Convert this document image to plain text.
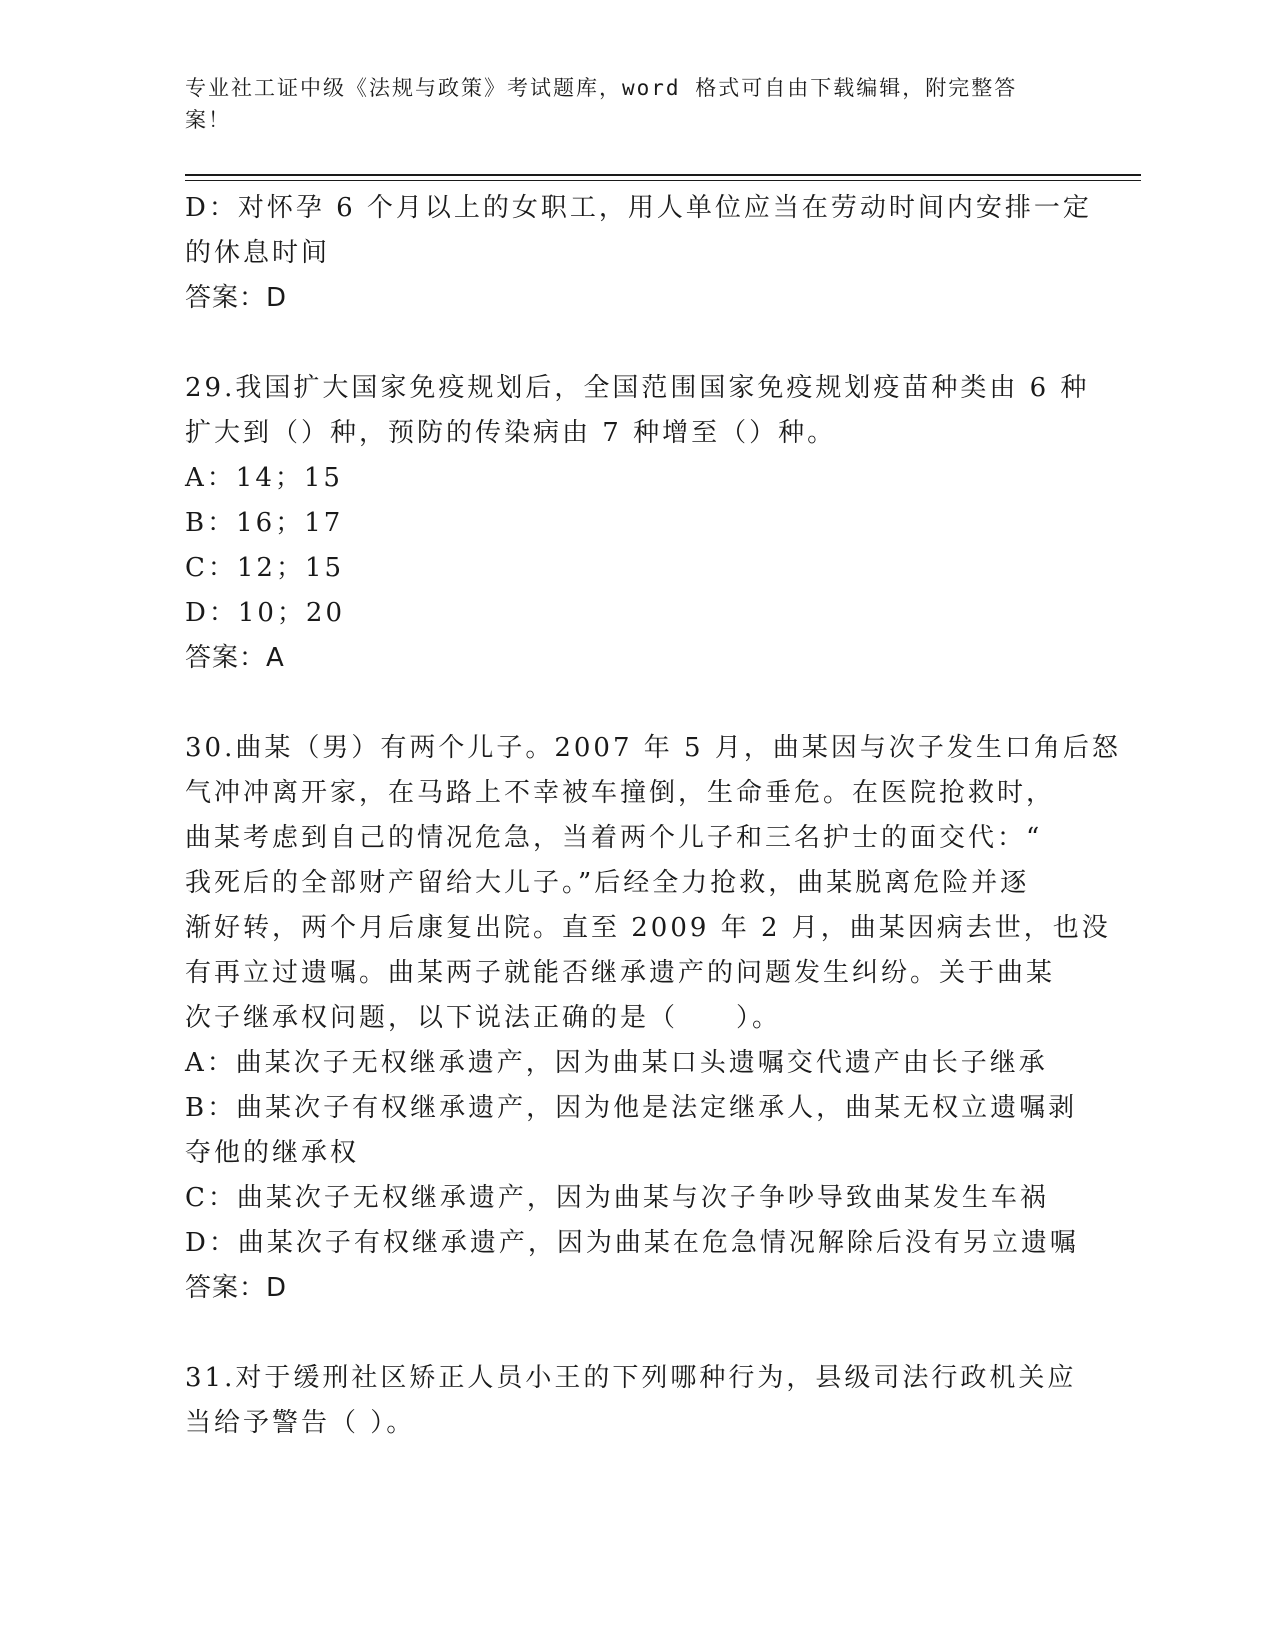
专业社工证中级《法规与政策》考试题库，word 格式可自由下载编辑，附完整答
案！
D：对怀孕 6 个月以上的女职工，用人单位应当在劳动时间内安排一定
的休息时间
答案：D
29.我国扩大国家免疫规划后，全国范围国家免疫规划疫苗种类由 6 种
扩大到（）种，预防的传染病由 7 种增至（）种。
A：14；15
B：16；17
C：12；15
D：10；20
答案：A
30.曲某（男）有两个儿子。2007 年 5 月，曲某因与次子发生口角后怒
气冲冲离开家，在马路上不幸被车撞倒，生命垂危。在医院抢救时，
曲某考虑到自己的情况危急，当着两个儿子和三名护士的面交代：“
我死后的全部财产留给大儿子。”后经全力抢救，曲某脱离危险并逐
渐好转，两个月后康复出院。直至 2009 年 2 月，曲某因病去世，也没
有再立过遗嘱。曲某两子就能否继承遗产的问题发生纠纷。关于曲某
次子继承权问题，以下说法正确的是（　　）。
A：曲某次子无权继承遗产，因为曲某口头遗嘱交代遗产由长子继承
B：曲某次子有权继承遗产，因为他是法定继承人，曲某无权立遗嘱剥
夺他的继承权
C：曲某次子无权继承遗产，因为曲某与次子争吵导致曲某发生车祸
D：曲某次子有权继承遗产，因为曲某在危急情况解除后没有另立遗嘱
答案：D
31.对于缓刑社区矫正人员小王的下列哪种行为，县级司法行政机关应
当给予警告（ ）。
